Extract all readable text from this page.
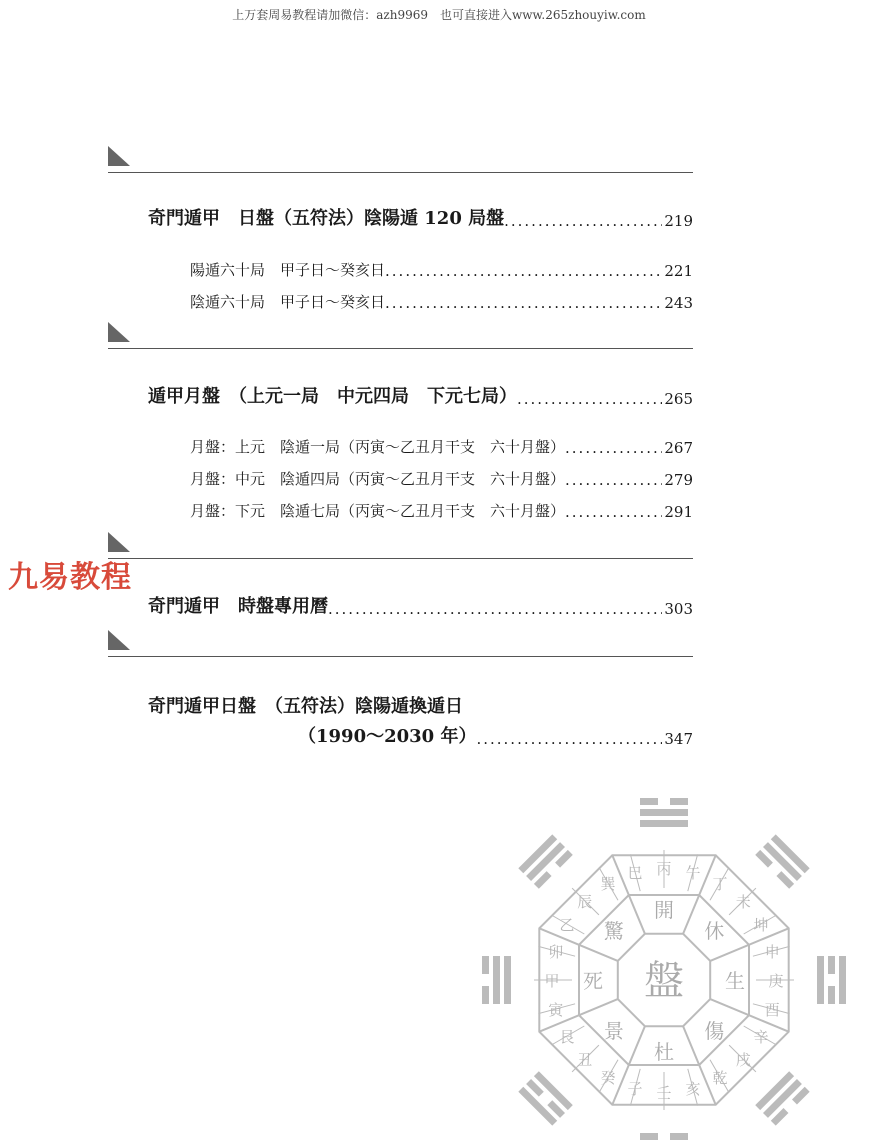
上万套周易教程请加微信：azh9969　也可直接进入www.265zhouyiw.com
奇門遁甲　日盤（五符法）陰陽遁 120 局盤 .....	219
陽遁六十局　甲子日～癸亥日 .....	221
陰遁六十局　甲子日～癸亥日 .....	243
遁甲月盤　（上元一局　中元四局　下元七局） .....	265
月盤：上元　陰遁一局（丙寅～乙丑月干支　六十月盤） .....	267
月盤：中元　陰遁四局（丙寅～乙丑月干支　六十月盤） .....	279
月盤：下元　陰遁七局（丙寅～乙丑月干支　六十月盤） .....	291
九易教程
奇門遁甲　時盤專用曆 .....	303
奇門遁甲日盤　（五符法）陰陽遁換遁日
（1990～2030 年） .....	347
盤
開
休
生
傷
杜
景
死
驚
壬
子
癸
丑
艮
寅
甲
卯
乙
辰
巽
巳 丙 午
丁
未
坤
申
庚
酉
辛
戌
乾
亥
